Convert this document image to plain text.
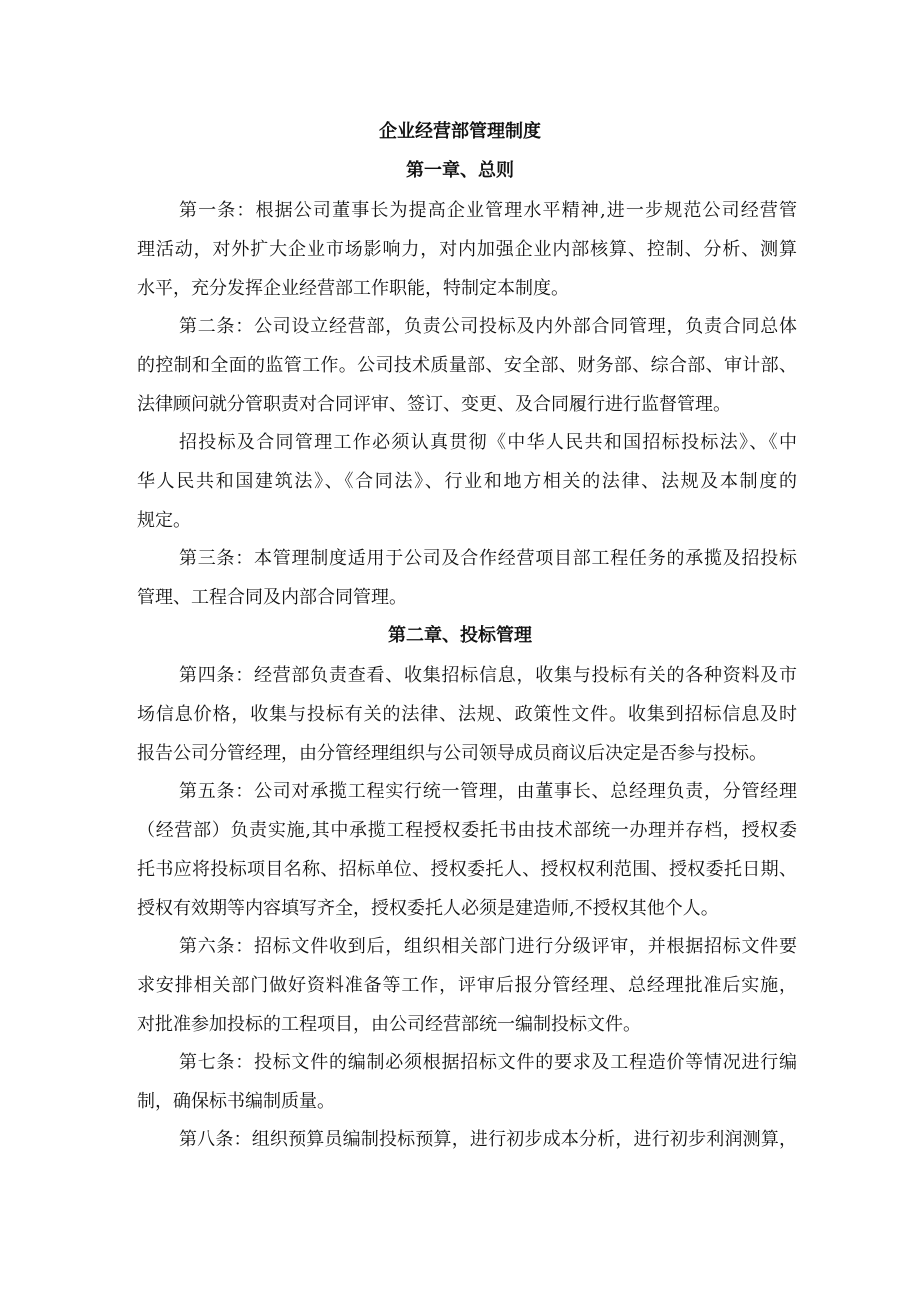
企业经营部管理制度
第一章、总则
第一条：根据公司董事长为提高企业管理水平精神,进一步规范公司经营管
理活动，对外扩大企业市场影响力，对内加强企业内部核算、控制、分析、测算
水平，充分发挥企业经营部工作职能，特制定本制度。
第二条：公司设立经营部，负责公司投标及内外部合同管理，负责合同总体
的控制和全面的监管工作。公司技术质量部、安全部、财务部、综合部、审计部、
法律顾问就分管职责对合同评审、签订、变更、及合同履行进行监督管理。
招投标及合同管理工作必须认真贯彻《中华人民共和国招标投标法》、《中
华人民共和国建筑法》、《合同法》、行业和地方相关的法律、法规及本制度的
规定。
第三条：本管理制度适用于公司及合作经营项目部工程任务的承揽及招投标
管理、工程合同及内部合同管理。
第二章、投标管理
第四条：经营部负责查看、收集招标信息，收集与投标有关的各种资料及市
场信息价格，收集与投标有关的法律、法规、政策性文件。收集到招标信息及时
报告公司分管经理，由分管经理组织与公司领导成员商议后决定是否参与投标。
第五条：公司对承揽工程实行统一管理，由董事长、总经理负责，分管经理
（经营部）负责实施,其中承揽工程授权委托书由技术部统一办理并存档，授权委
托书应将投标项目名称、招标单位、授权委托人、授权权利范围、授权委托日期、
授权有效期等内容填写齐全，授权委托人必须是建造师,不授权其他个人。
第六条：招标文件收到后，组织相关部门进行分级评审，并根据招标文件要
求安排相关部门做好资料准备等工作，评审后报分管经理、总经理批准后实施，
对批准参加投标的工程项目，由公司经营部统一编制投标文件。
第七条：投标文件的编制必须根据招标文件的要求及工程造价等情况进行编
制，确保标书编制质量。
第八条：组织预算员编制投标预算，进行初步成本分析，进行初步利润测算，
